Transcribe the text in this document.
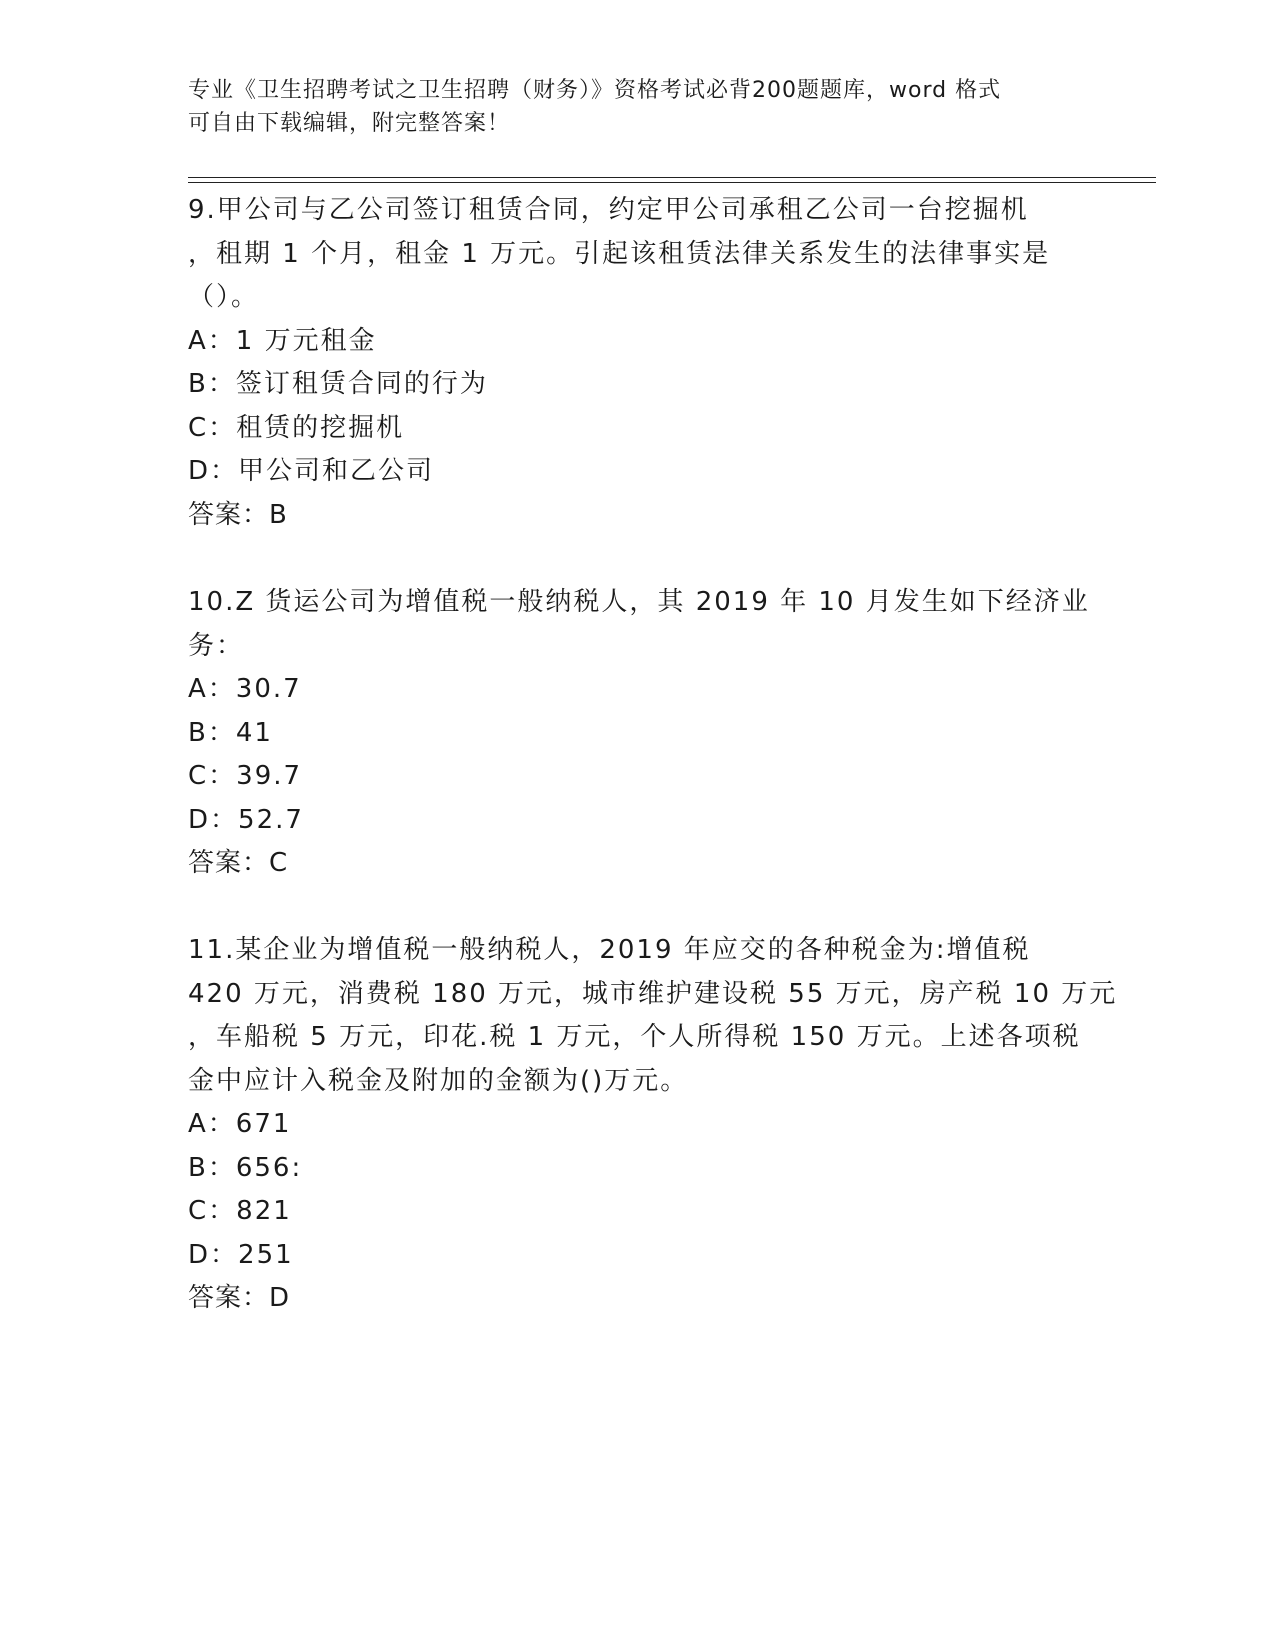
专业《卫生招聘考试之卫生招聘（财务）》资格考试必背200题题库，word 格式
可自由下载编辑，附完整答案！
9.甲公司与乙公司签订租赁合同，约定甲公司承租乙公司一台挖掘机
，租期 1 个月，租金 1 万元。引起该租赁法律关系发生的法律事实是
（）。
A：1 万元租金
B：签订租赁合同的行为
C：租赁的挖掘机
D：甲公司和乙公司
答案：B
10.Z 货运公司为增值税一般纳税人，其 2019 年 10 月发生如下经济业
务：
A：30.7
B：41
C：39.7
D：52.7
答案：C
11.某企业为增值税一般纳税人，2019 年应交的各种税金为:增值税
420 万元，消费税 180 万元，城市维护建设税 55 万元，房产税 10 万元
，车船税 5 万元，印花.税 1 万元，个人所得税 150 万元。上述各项税
金中应计入税金及附加的金额为()万元。
A：671
B：656:
C：821
D：251
答案：D
